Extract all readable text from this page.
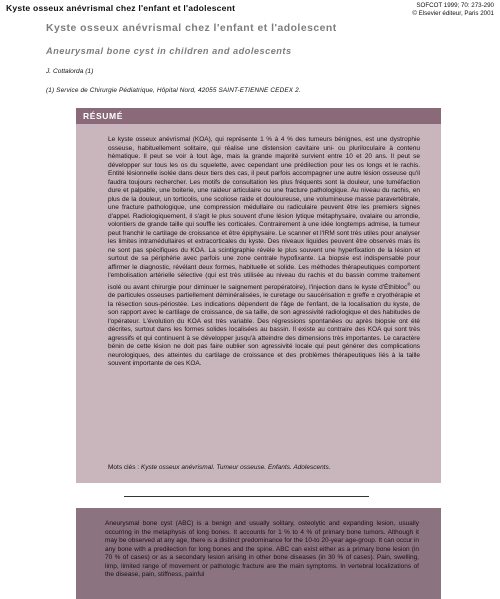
Kyste osseux anévrismal chez l'enfant et l'adolescent	SOFCOT 1999; 70: 273-290
© Elsevier éditeur, Paris 2001
Kyste osseux anévrismal chez l'enfant et l'adolescent
Aneurysmal bone cyst in children and adolescents
J. Cottalorda (1)
(1) Service de Chirurgie Pédiatrique, Hôpital Nord, 42055 SAINT-ETIENNE CEDEX 2.
RÉSUMÉ
Le kyste osseux anévrismal (KOA), qui représente 1 % à 4 % des tumeurs bénignes, est une dystrophie osseuse, habituellement solitaire, qui réalise une distension cavitaire uni- ou pluriloculaire à contenu hématique. Il peut se voir à tout âge, mais la grande majorité survient entre 10 et 20 ans. Il peut se développer sur tous les os du squelette, avec cependant une prédilection pour les os longs et le rachis. Entité lésionnelle isolée dans deux tiers des cas, il peut parfois accompagner une autre lésion osseuse qu'il faudra toujours rechercher. Les motifs de consultation les plus fréquents sont la douleur, une tuméfaction dure et palpable, une boiterie, une raideur articulaire ou une fracture pathologique. Au niveau du rachis, en plus de la douleur, un torticolis, une scoliose raide et douloureuse, une volumineuse masse paravertébrale, une fracture pathologique, une compression médullaire ou radiculaire peuvent être les premiers signes d'appel. Radiologiquement, il s'agit le plus souvent d'une lésion lytique métaphysaire, ovalaire ou arrondie, volontiers de grande taille qui souffle les corticales. Contrairement à une idée longtemps admise, la tumeur peut franchir le cartilage de croissance et être épiphysaire. Le scanner et l'IRM sont très utiles pour analyser les limites intramédullaires et extracorticales du kyste. Des niveaux liquides peuvent être observés mais ils ne sont pas spécifiques du KOA. La scintigraphie révèle le plus souvent une hyperfixation de la lésion et surtout de sa périphérie avec parfois une zone centrale hypofixante. La biopsie est indispensable pour affirmer le diagnostic, révélant deux formes, habituelle et solide. Les méthodes thérapeutiques comportent l'embolisation artérielle sélective (qui est très utilisée au niveau du rachis et du bassin comme traitement isolé ou avant chirurgie pour diminuer le saignement peropératoire), l'injection dans le kyste d'Éthibloc® ou de particules osseuses partiellement déminéralisées, le curetage ou saucérisation ± greffe ± cryothérapie et la résection sous-périostée. Les indications dépendent de l'âge de l'enfant, de la localisation du kyste, de son rapport avec le cartilage de croissance, de sa taille, de son agressivité radiologique et des habitudes de l'opérateur. L'évolution du KOA est très variable. Des régressions spontanées ou après biopsie ont été décrites, surtout dans les formes solides localisées au bassin. Il existe au contraire des KOA qui sont très agressifs et qui continuent à se développer jusqu'à atteindre des dimensions très importantes. Le caractère bénin de cette lésion ne doit pas faire oublier son agressivité locale qui peut générer des complications neurologiques, des atteintes du cartilage de croissance et des problèmes thérapeutiques liés à la taille souvent importante de ces KOA.
Mots clés : Kyste osseux anévrismal. Tumeur osseuse. Enfants. Adolescents.
Aneurysmal bone cyst (ABC) is a benign and usually solitary, osteolytic and expanding lesion, usually occurring in the metaphysis of long bones. It accounts for 1 % to 4 % of primary bone tumors. Although it may be observed at any age, there is a distinct predominance for the 10-to 20-year age-group. It can occur in any bone with a predilection for long bones and the spine. ABC can exist either as a primary bone lesion (in 70 % of cases) or as a secondary lesion arising in other bone diseases (in 30 % of cases). Pain, swelling, limp, limited range of movement or pathologic fracture are the main symptoms. In vertebral localizations of the disease, pain, stiffness, painful
